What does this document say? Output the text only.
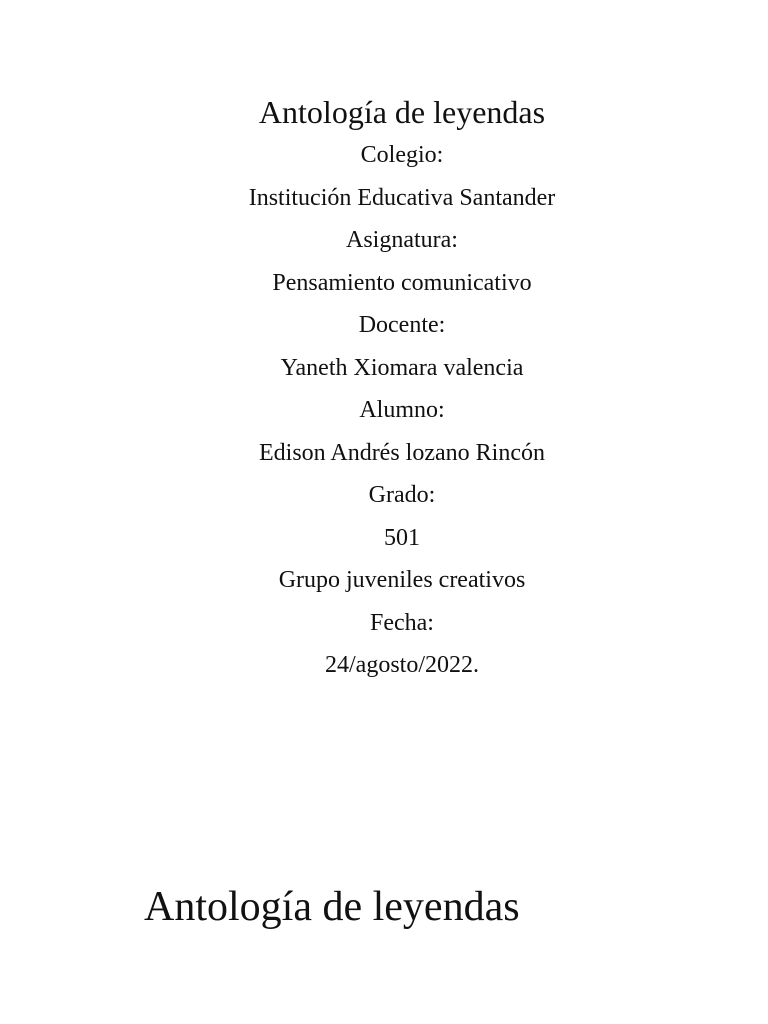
Antología de leyendas

Colegio:

Institución Educativa Santander

Asignatura:

Pensamiento comunicativo

Docente:

Yaneth Xiomara valencia

Alumno:

Edison Andrés lozano Rincón

Grado:

501

Grupo juveniles creativos

Fecha:

24/agosto/2022.

Antología de leyendas
